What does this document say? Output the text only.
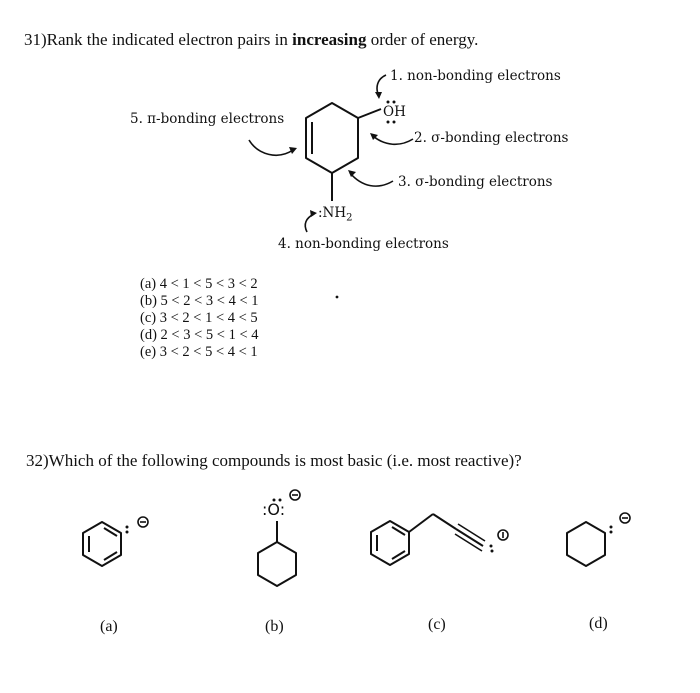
31)Rank the indicated electron pairs in increasing order of energy.
1. non-bonding electrons
2. σ-bonding electrons
3. σ-bonding electrons
4. non-bonding electrons
5. π-bonding electrons	OH
$:NH_2$
(a) 4 < 1 < 5 < 3 < 2
(b) 5 < 2 < 3 < 4 < 1
(c) 3 < 2 < 1 < 4 < 5
(d) 2 < 3 < 5 < 1 < 4
(e) 3 < 2 < 5 < 4 < 1
32)Which of the following compounds is most basic (i.e. most reactive)?
:O:
(a)	(b)	(c)	(d)
